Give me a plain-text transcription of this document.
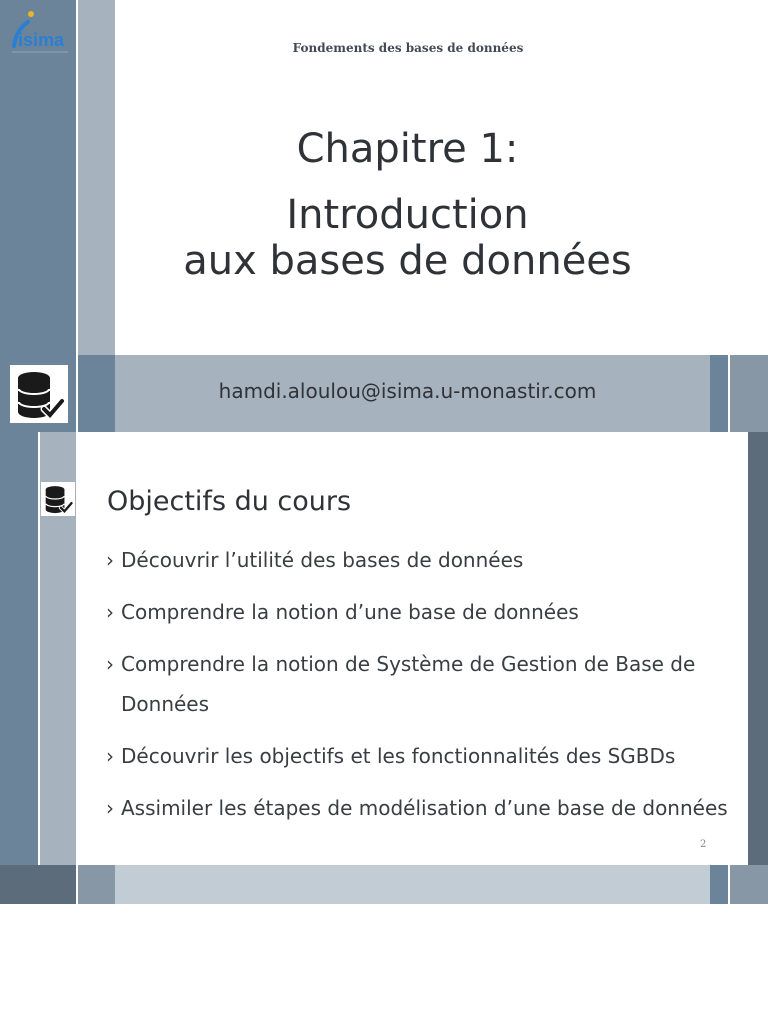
isima	Fondements des bases de données
Chapitre 1:
Introduction
aux bases de données
hamdi.aloulou@isima.u-monastir.com
Objectifs du cours
› Découvrir l’utilité des bases de données
› Comprendre la notion d’une base de données
› Comprendre la notion de Système de Gestion de Base de Données
› Découvrir les objectifs et les fonctionnalités des SGBDs
› Assimiler les étapes de modélisation d’une base de données
2
